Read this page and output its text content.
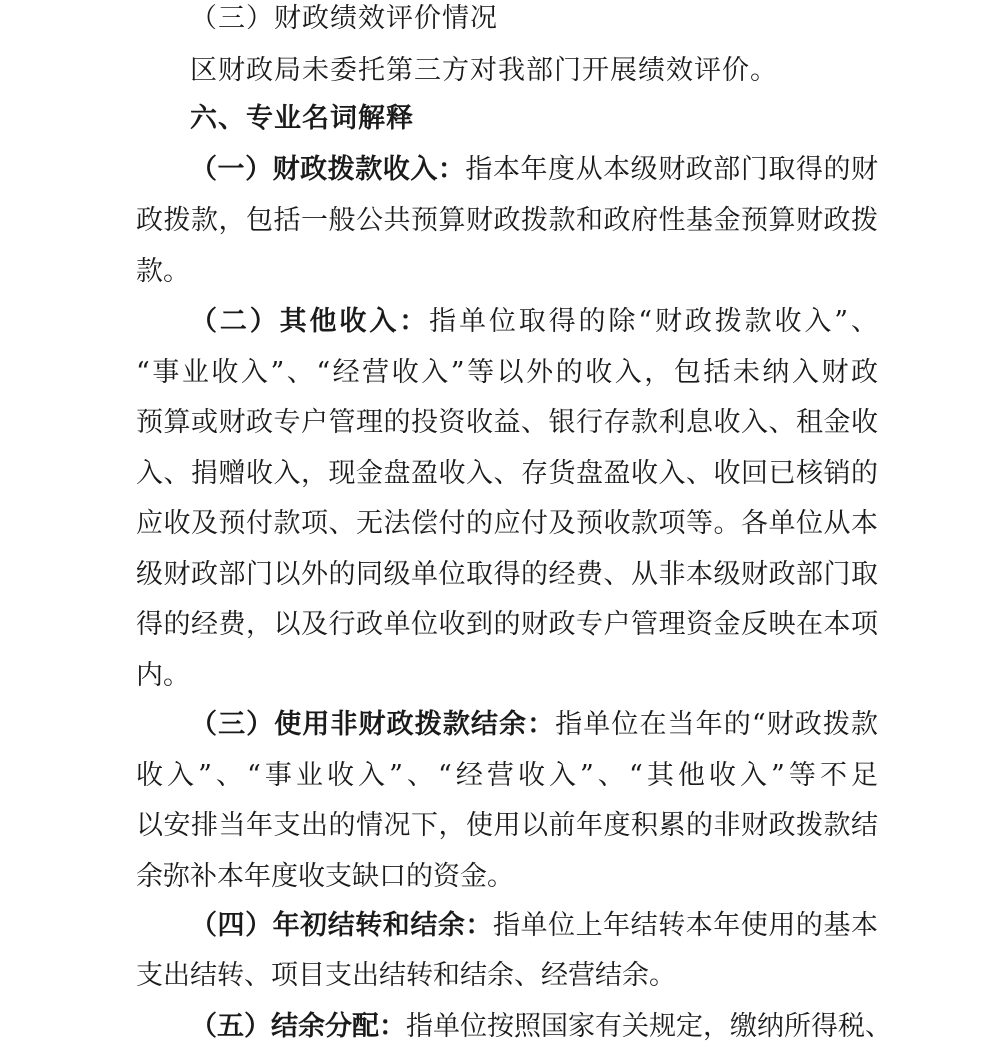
（三）财政绩效评价情况
区财政局未委托第三方对我部门开展绩效评价。
六、专业名词解释
（一）财政拨款收入：指本年度从本级财政部门取得的财
政拨款，包括一般公共预算财政拨款和政府性基金预算财政拨
款。
（二）其他收入：指单位取得的除“财政拨款收入”、
“事业收入”、“经营收入”等以外的收入，包括未纳入财政
预算或财政专户管理的投资收益、银行存款利息收入、租金收
入、捐赠收入，现金盘盈收入、存货盘盈收入、收回已核销的
应收及预付款项、无法偿付的应付及预收款项等。各单位从本
级财政部门以外的同级单位取得的经费、从非本级财政部门取
得的经费，以及行政单位收到的财政专户管理资金反映在本项
内。
（三）使用非财政拨款结余：指单位在当年的“财政拨款
收入”、“事业收入”、“经营收入”、“其他收入”等不足
以安排当年支出的情况下，使用以前年度积累的非财政拨款结
余弥补本年度收支缺口的资金。
（四）年初结转和结余：指单位上年结转本年使用的基本
支出结转、项目支出结转和结余、经营结余。
（五）结余分配：指单位按照国家有关规定，缴纳所得税、
